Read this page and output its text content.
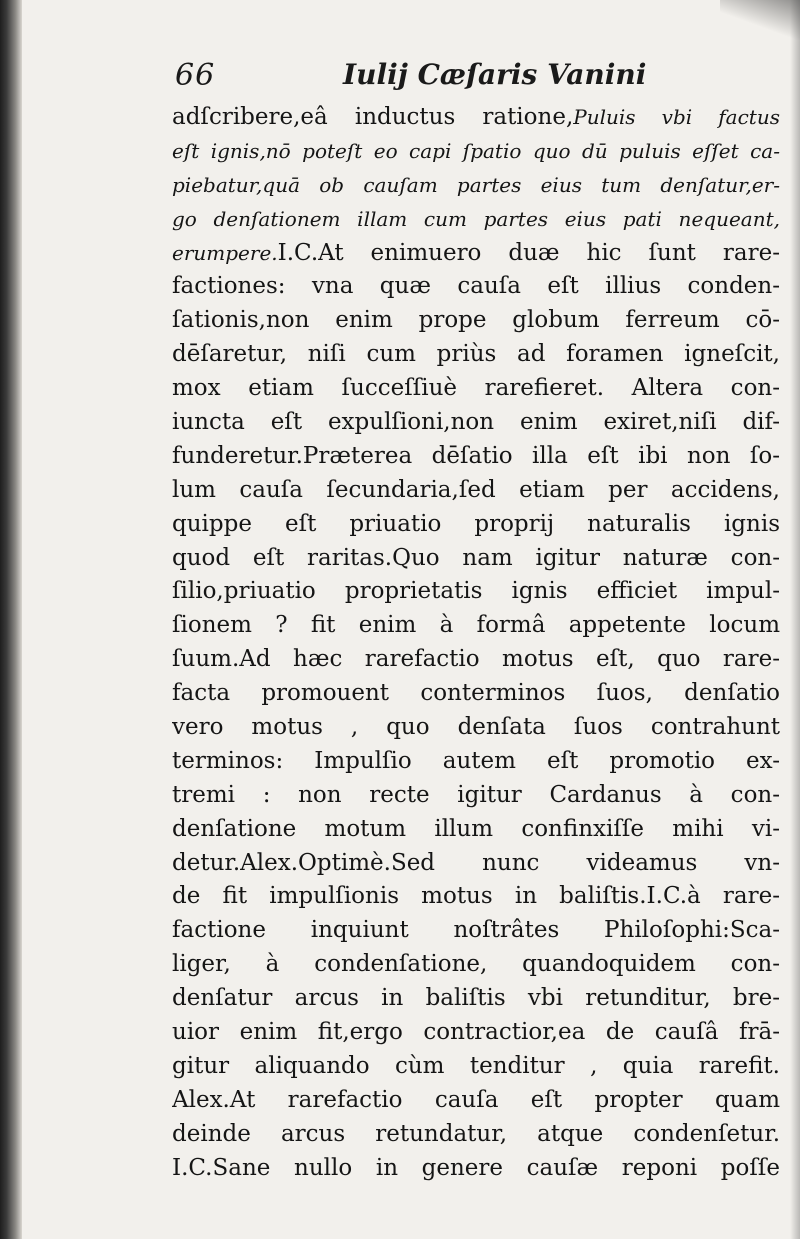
66	Iulij Cæſaris Vanini
adſcribere,eâ inductus ratione,Puluis vbi factus
eſt ignis,nō poteſt eo capi ſpatio quo dū puluis eſſet ca-
piebatur,quā ob cauſam partes eius tum denſatur,er-
go denſationem illam cum partes eius pati nequeant,
erumpere.I.C.At enimuero duæ hic ſunt rare-
factiones: vna quæ cauſa eſt illius conden-
ſationis,non enim prope globum ferreum cō-
dēſaretur, niſi cum priùs ad foramen igneſcit,
mox etiam ſucceſſiuè rarefieret. Altera con-
iuncta eſt expulſioni,non enim exiret,niſi dif-
funderetur.Præterea dēſatio illa eſt ibi non ſo-
lum cauſa ſecundaria,ſed etiam per accidens,
quippe eſt priuatio proprij naturalis ignis
quod eſt raritas.Quo nam igitur naturæ con-
ſilio,priuatio proprietatis ignis efficiet impul-
ſionem ? fit enim à formâ appetente locum
ſuum.Ad hæc rarefactio motus eſt, quo rare-
facta promouent conterminos ſuos, denſatio
vero motus , quo denſata ſuos contrahunt
terminos: Impulſio autem eſt promotio ex-
tremi : non recte igitur Cardanus à con-
denſatione motum illum confinxiſſe mihi vi-
detur.Alex.Optimè.Sed nunc videamus vn-
de fit impulſionis motus in baliſtis.I.C.à rare-
factione inquiunt noſtrâtes Philoſophi:Sca-
liger, à condenſatione, quandoquidem con-
denſatur arcus in baliſtis vbi retunditur, bre-
uior enim fit,ergo contractior,ea de cauſâ frā-
gitur aliquando cùm tenditur , quia rarefit.
Alex.At rarefactio cauſa eſt propter quam
deinde arcus retundatur, atque condenſetur.
I.C.Sane nullo in genere cauſæ reponi poſſe
